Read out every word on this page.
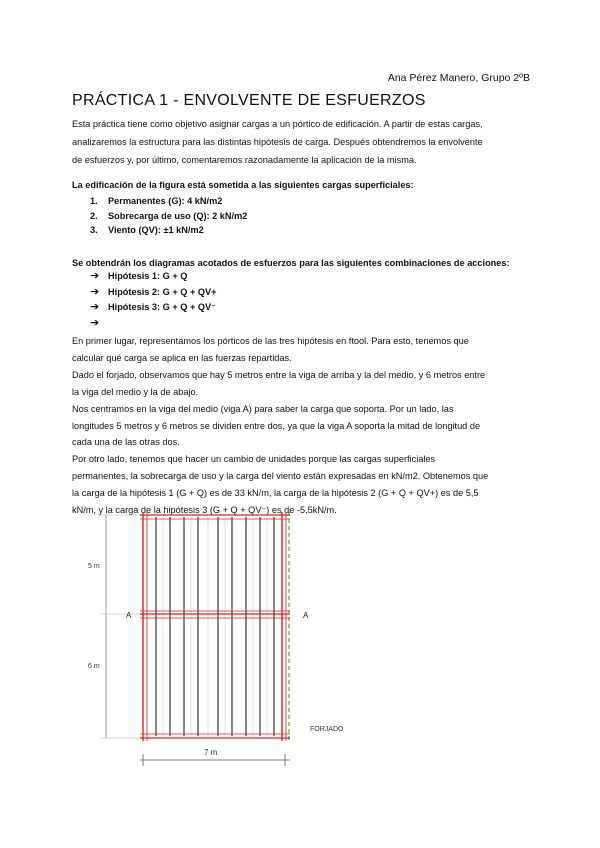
Ana Pérez Manero, Grupo 2ºB
PRÁCTICA 1 - ENVOLVENTE DE ESFUERZOS
Esta práctica tiene como objetivo asignar cargas a un pórtico de edificación. A partir de estas cargas,
analizaremos la estructura para las distintas hipótesis de carga. Después obtendremos la envolvente
de esfuerzos y, por último, comentaremos razonadamente la aplicación de la misma.
La edificación de la figura está sometida a las siguientes cargas superficiales:
1.	Permanentes (G): 4 kN/m2
2.	Sobrecarga de uso (Q): 2 kN/m2
3.	Viento (QV): ±1 kN/m2
Se obtendrán los diagramas acotados de esfuerzos para las siguientes combinaciones de acciones:
➔ Hipótesis 1: G + Q
➔ Hipótesis 2: G + Q + QV+
➔ Hipótesis 3: G + Q + QV⁻
➔
En primer lugar, representamos los pórticos de las tres hipótesis en ftool. Para esto, tenemos que
calcular qué carga se aplica en las fuerzas repartidas.
Dado el forjado, observamos que hay 5 metros entre la viga de arriba y la del medio, y 6 metros entre
la viga del medio y la de abajo.
Nos centramos en la viga del medio (viga A) para saber la carga que soporta. Por un lado, las
longitudes 5 metros y 6 metros se dividen entre dos, ya que la viga A soporta la mitad de longitud de
cada una de las otras dos.
Por otro lado, tenemos que hacer un cambio de unidades porque las cargas superficiales
permanentes, la sobrecarga de uso y la carga del viento están expresadas en kN/m2. Obtenemos que
la carga de la hipótesis 1 (G + Q) es de 33 kN/m, la carga de la hipótesis 2 (G + Q + QV+) es de 5,5
kN/m, y la carga de la hipótesis 3 (G + Q + QV⁻) es de -5,5kN/m.
5 m
6 m
A	A
FORJADO
7 m
